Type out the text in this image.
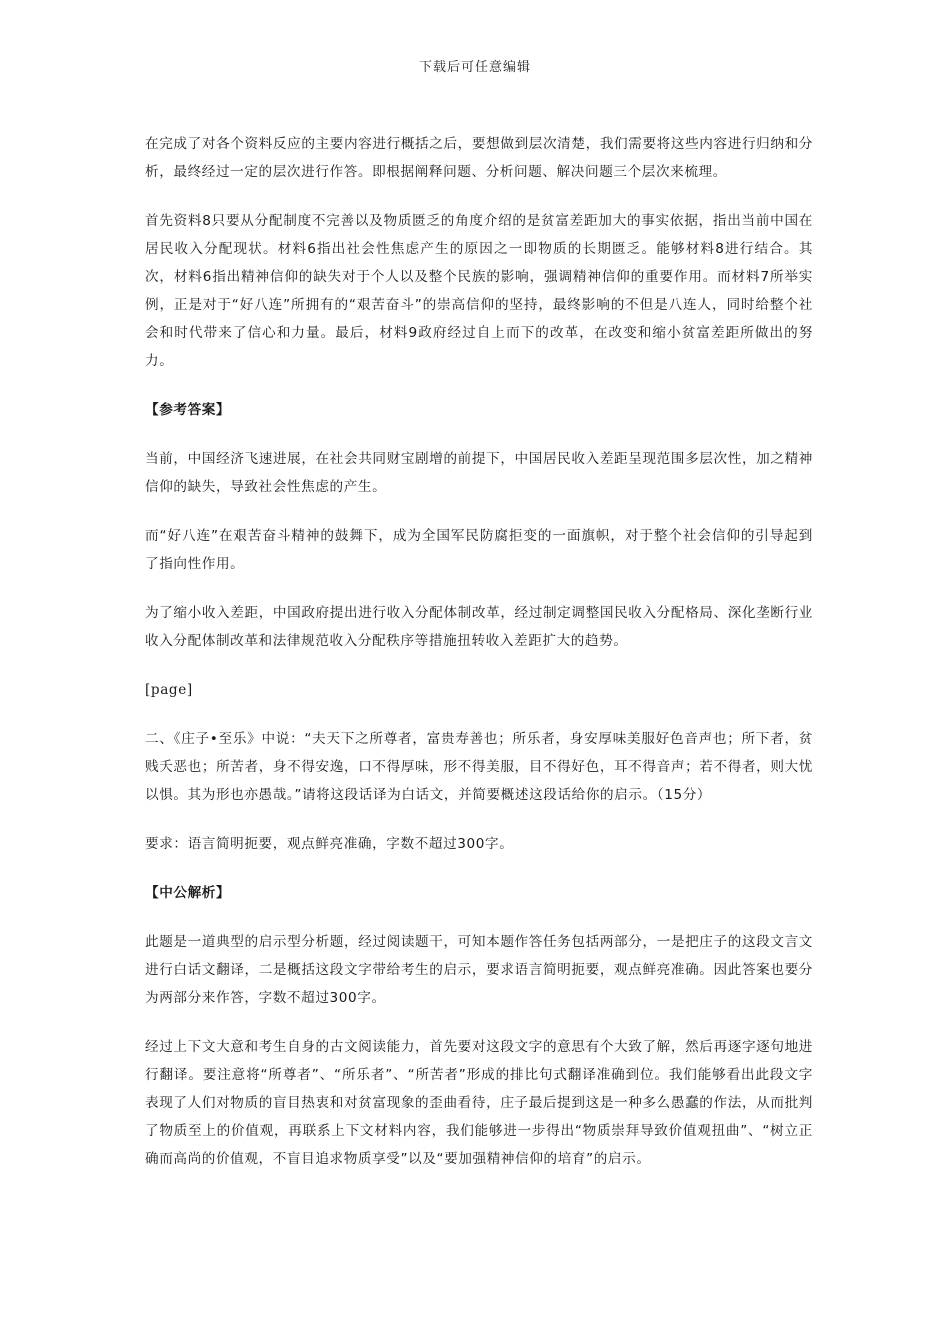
下载后可任意编辑

在完成了对各个资料反应的主要内容进行概括之后，要想做到层次清楚，我们需要将这些内容进行归纳和分析，最终经过一定的层次进行作答。即根据阐释问题、分析问题、解决问题三个层次来梳理。

首先资料8只要从分配制度不完善以及物质匮乏的角度介绍的是贫富差距加大的事实依据，指出当前中国在居民收入分配现状。材料6指出社会性焦虑产生的原因之一即物质的长期匮乏。能够材料8进行结合。其次，材料6指出精神信仰的缺失对于个人以及整个民族的影响，强调精神信仰的重要作用。而材料7所举实例，正是对于“好八连”所拥有的“艰苦奋斗”的崇高信仰的坚持，最终影响的不但是八连人，同时给整个社会和时代带来了信心和力量。最后，材料9政府经过自上而下的改革，在改变和缩小贫富差距所做出的努力。

【参考答案】

当前，中国经济飞速进展，在社会共同财宝剧增的前提下，中国居民收入差距呈现范围多层次性，加之精神信仰的缺失，导致社会性焦虑的产生。

而“好八连”在艰苦奋斗精神的鼓舞下，成为全国军民防腐拒变的一面旗帜，对于整个社会信仰的引导起到了指向性作用。

为了缩小收入差距，中国政府提出进行收入分配体制改革，经过制定调整国民收入分配格局、深化垄断行业收入分配体制改革和法律规范收入分配秩序等措施扭转收入差距扩大的趋势。

[page]

二、《庄子•至乐》中说：“夫天下之所尊者，富贵寿善也；所乐者，身安厚味美服好色音声也；所下者，贫贱夭恶也；所苦者，身不得安逸，口不得厚味，形不得美服，目不得好色，耳不得音声；若不得者，则大忧以惧。其为形也亦愚哉。”请将这段话译为白话文，并简要概述这段话给你的启示。（15分）

要求：语言简明扼要，观点鲜亮准确，字数不超过300字。

【中公解析】

此题是一道典型的启示型分析题，经过阅读题干，可知本题作答任务包括两部分，一是把庄子的这段文言文进行白话文翻译，二是概括这段文字带给考生的启示，要求语言简明扼要，观点鲜亮准确。因此答案也要分为两部分来作答，字数不超过300字。

经过上下文大意和考生自身的古文阅读能力，首先要对这段文字的意思有个大致了解，然后再逐字逐句地进行翻译。要注意将“所尊者”、“所乐者”、“所苦者”形成的排比句式翻译准确到位。我们能够看出此段文字表现了人们对物质的盲目热衷和对贫富现象的歪曲看待，庄子最后提到这是一种多么愚蠢的作法，从而批判了物质至上的价值观，再联系上下文材料内容，我们能够进一步得出“物质崇拜导致价值观扭曲”、“树立正确而高尚的价值观，不盲目追求物质享受”以及“要加强精神信仰的培育”的启示。
